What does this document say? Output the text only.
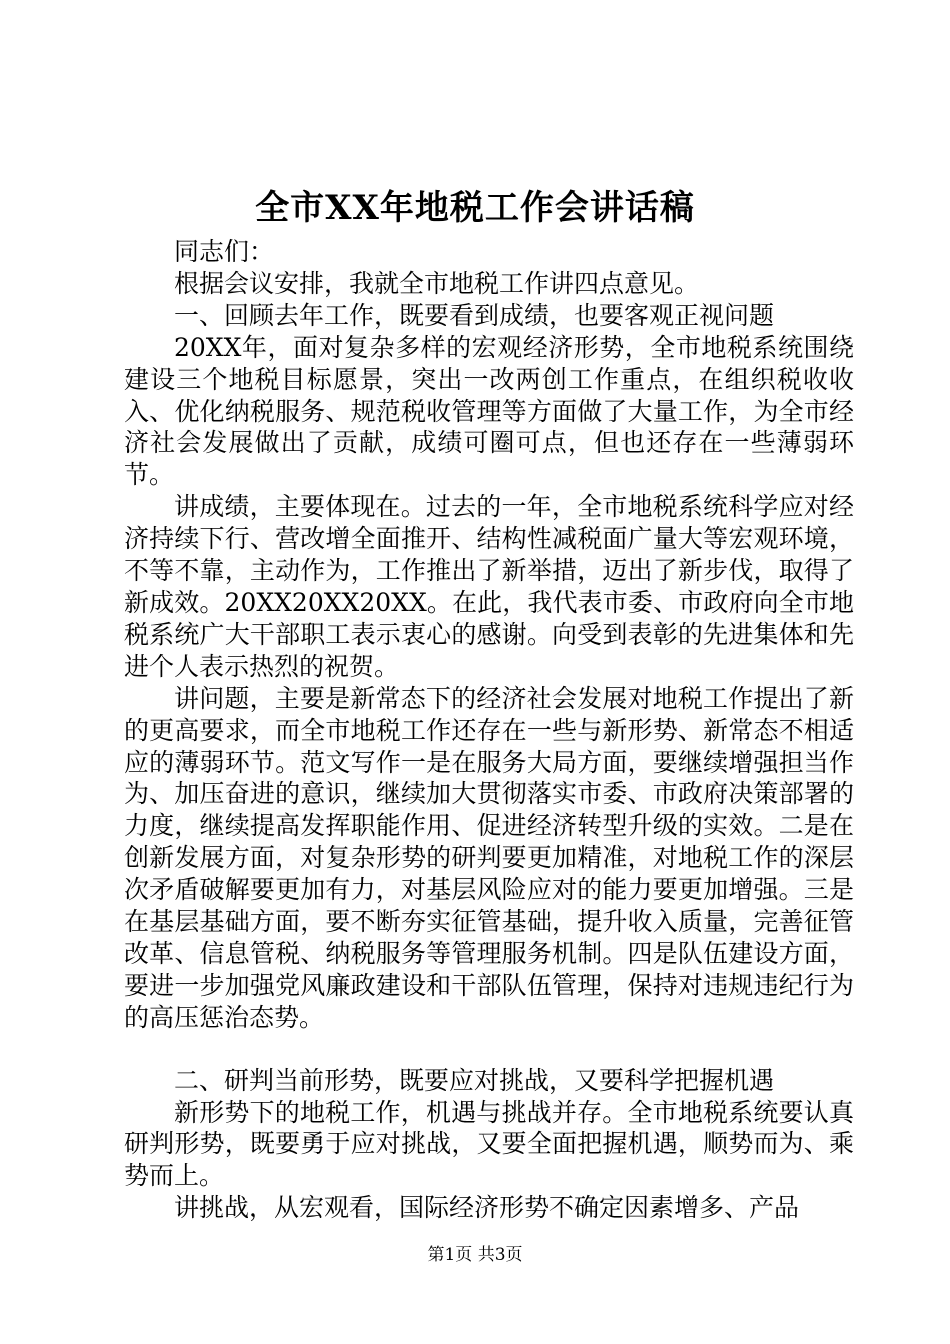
全市XX年地税工作会讲话稿

同志们：

根据会议安排，我就全市地税工作讲四点意见。

一、回顾去年工作，既要看到成绩，也要客观正视问题

20XX年，面对复杂多样的宏观经济形势，全市地税系统围绕建设三个地税目标愿景，突出一改两创工作重点，在组织税收收入、优化纳税服务、规范税收管理等方面做了大量工作，为全市经济社会发展做出了贡献，成绩可圈可点，但也还存在一些薄弱环节。

讲成绩，主要体现在。过去的一年，全市地税系统科学应对经济持续下行、营改增全面推开、结构性减税面广量大等宏观环境，不等不靠，主动作为，工作推出了新举措，迈出了新步伐，取得了新成效。20XX20XX20XX。在此，我代表市委、市政府向全市地税系统广大干部职工表示衷心的感谢。向受到表彰的先进集体和先进个人表示热烈的祝贺。

讲问题，主要是新常态下的经济社会发展对地税工作提出了新的更高要求，而全市地税工作还存在一些与新形势、新常态不相适应的薄弱环节。范文写作一是在服务大局方面，要继续增强担当作为、加压奋进的意识，继续加大贯彻落实市委、市政府决策部署的力度，继续提高发挥职能作用、促进经济转型升级的实效。二是在创新发展方面，对复杂形势的研判要更加精准，对地税工作的深层次矛盾破解要更加有力，对基层风险应对的能力要更加增强。三是在基层基础方面，要不断夯实征管基础，提升收入质量，完善征管改革、信息管税、纳税服务等管理服务机制。四是队伍建设方面，要进一步加强党风廉政建设和干部队伍管理，保持对违规违纪行为的高压惩治态势。

二、研判当前形势，既要应对挑战，又要科学把握机遇

新形势下的地税工作，机遇与挑战并存。全市地税系统要认真研判形势，既要勇于应对挑战，又要全面把握机遇，顺势而为、乘势而上。

讲挑战，从宏观看，国际经济形势不确定因素增多、产品

第1页 共3页
